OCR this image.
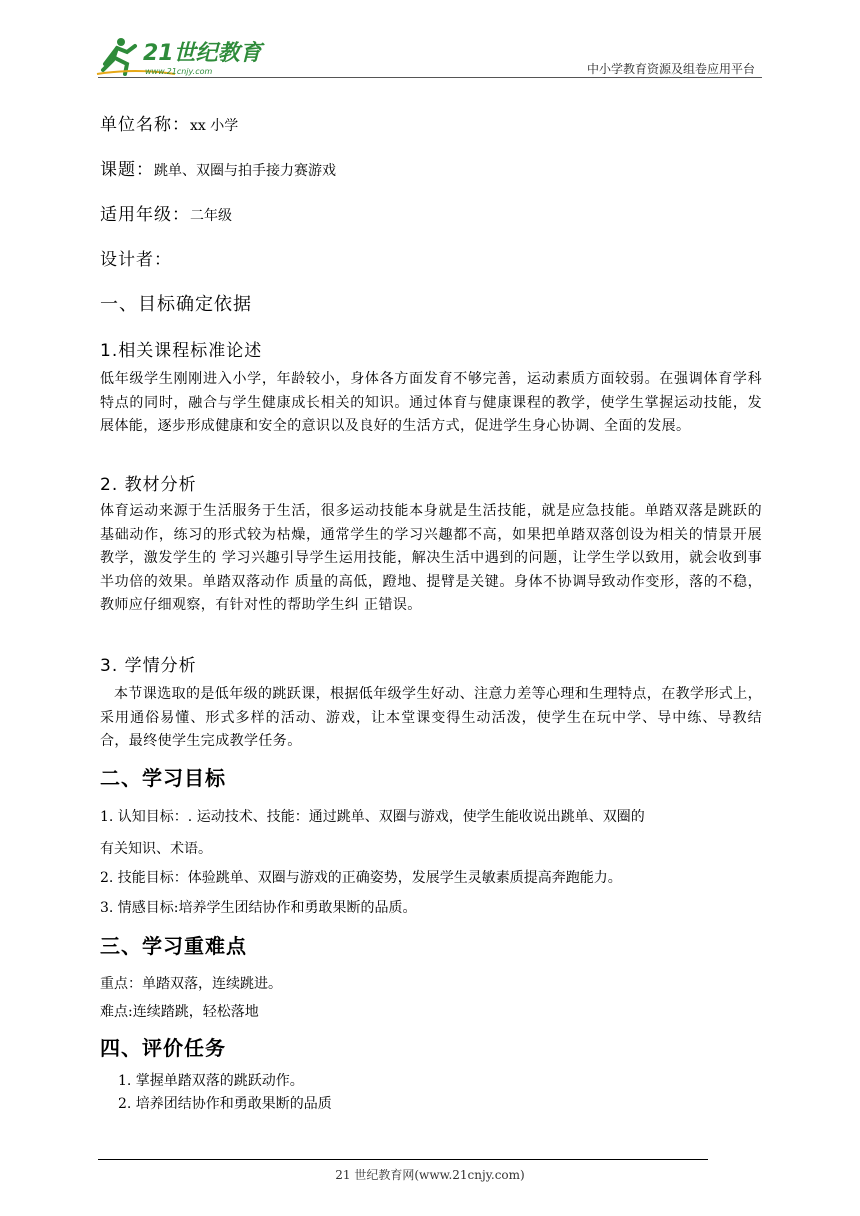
21世纪教育
www.21cnjy.com	中小学教育资源及组卷应用平台
单位名称：xx 小学
课题：跳单、双圈与拍手接力赛游戏
适用年级：二年级
设计者：
一、目标确定依据
1.相关课程标准论述
低年级学生刚刚进入小学，年龄较小，身体各方面发育不够完善，运动素质方面较弱。在强调体育学科特点的同时，融合与学生健康成长相关的知识。通过体育与健康课程的教学，使学生掌握运动技能，发展体能，逐步形成健康和安全的意识以及良好的生活方式，促进学生身心协调、全面的发展。
2. 教材分析
体育运动来源于生活服务于生活，很多运动技能本身就是生活技能，就是应急技能。单踏双落是跳跃的基础动作，练习的形式较为枯燥，通常学生的学习兴趣都不高，如果把单踏双落创设为相关的情景开展 教学，激发学生的 学习兴趣引导学生运用技能，解决生活中遇到的问题，让学生学以致用，就会收到事半功倍的效果。单踏双落动作 质量的高低，蹬地、提臂是关键。身体不协调导致动作变形，落的不稳，教师应仔细观察，有针对性的帮助学生纠 正错误。
3. 学情分析
本节课选取的是低年级的跳跃课，根据低年级学生好动、注意力差等心理和生理特点，在教学形式上，采用通俗易懂、形式多样的活动、游戏，让本堂课变得生动活泼，使学生在玩中学、导中练、导教结合，最终使学生完成教学任务。
二、学习目标
1. 认知目标：. 运动技术、技能：通过跳单、双圈与游戏，使学生能收说出跳单、双圈的
有关知识、术语。
2. 技能目标：体验跳单、双圈与游戏的正确姿势，发展学生灵敏素质提高奔跑能力。
3. 情感目标:培养学生团结协作和勇敢果断的品质。
三、学习重难点
重点：单踏双落，连续跳进。
难点:连续踏跳，轻松落地
四、评价任务
1. 掌握单踏双落的跳跃动作。
2. 培养团结协作和勇敢果断的品质
21 世纪教育网(www.21cnjy.com)
